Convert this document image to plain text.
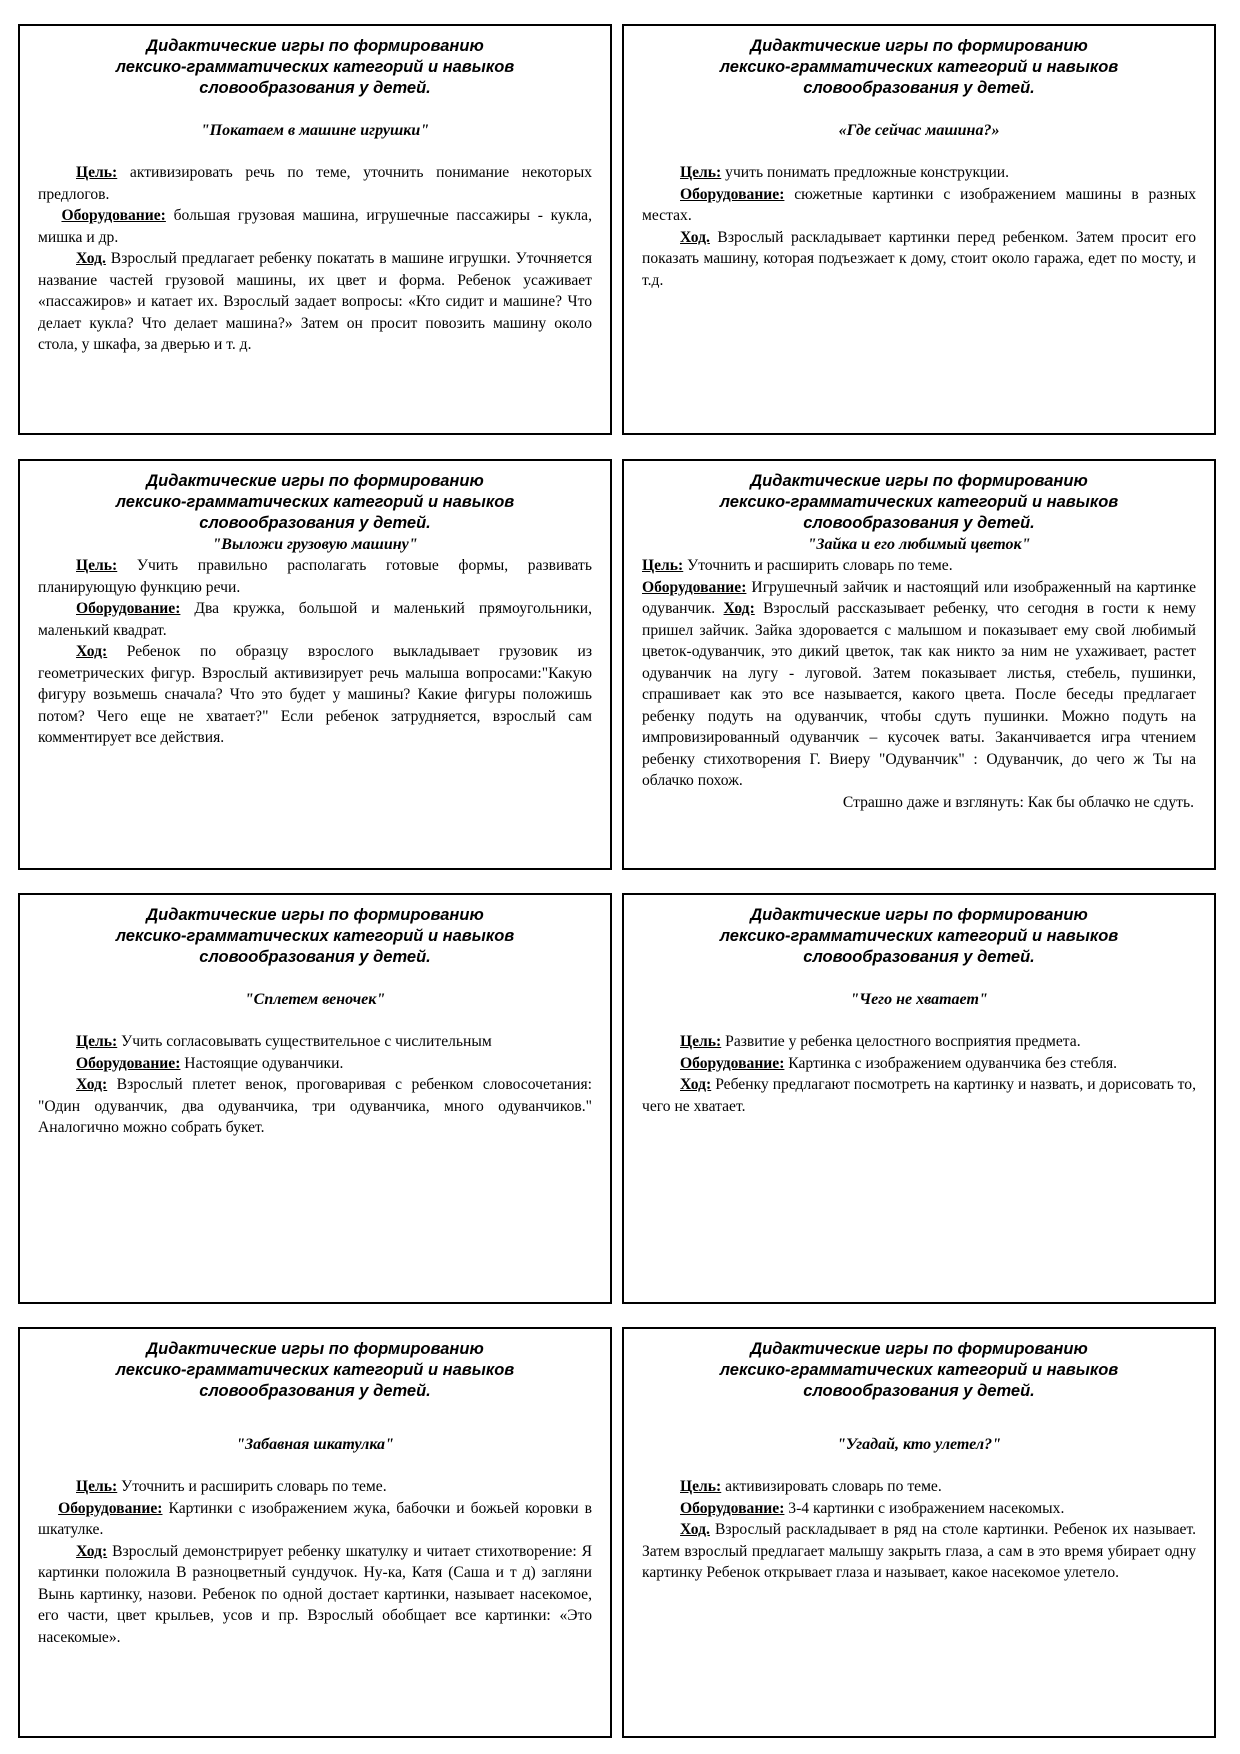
Дидактические игры по формированию
лексико-грамматических категорий и навыков
словообразования у детей.
"Покатаем в машине игрушки"

Цель: активизировать речь по теме, уточнить понимание некоторых предлогов.

Оборудование: большая грузовая машина, игрушечные пассажиры - кукла, мишка и др.

Ход. Взрослый предлагает ребенку покатать в машине игрушки. Уточняется название частей грузовой машины, их цвет и форма. Ребенок усаживает «пассажиров» и катает их. Взрослый задает вопросы: «Кто сидит и машине? Что делает кукла? Что делает машина?» Затем он просит повозить машину около стола, у шкафа, за дверью и т. д.

Дидактические игры по формированию
лексико-грамматических категорий и навыков
словообразования у детей.
«Где сейчас машина?»

Цель: учить понимать предложные конструкции.

Оборудование: сюжетные картинки с изображением машины в разных местах.

Ход. Взрослый раскладывает картинки перед ребенком. Затем просит его показать машину, которая подъезжает к дому, стоит около гаража, едет по мосту, и т.д.

Дидактические игры по формированию
лексико-грамматических категорий и навыков
словообразования у детей.
"Выложи грузовую машину"

Цель: Учить правильно располагать готовые формы, развивать планирующую функцию речи.

Оборудование: Два кружка, большой и маленький прямоугольники, маленький квадрат.

Ход: Ребенок по образцу взрослого выкладывает грузовик из геометрических фигур. Взрослый активизирует речь малыша вопросами:"Какую фигуру возьмешь сначала? Что это будет у машины? Какие фигуры положишь потом? Чего еще не хватает?" Если ребенок затрудняется, взрослый сам комментирует все действия.

Дидактические игры по формированию
лексико-грамматических категорий и навыков
словообразования у детей.
"Зайка и его любимый цветок"

Цель: Уточнить и расширить словарь по теме.

Оборудование: Игрушечный зайчик и настоящий или изображенный на картинке одуванчик. Ход: Взрослый рассказывает ребенку, что сегодня в гости к нему пришел зайчик. Зайка здоровается с малышом и показывает ему свой любимый цветок-одуванчик, это дикий цветок, так как никто за ним не ухаживает, растет одуванчик на лугу - луговой. Затем показывает листья, стебель, пушинки, спрашивает как это все называется, какого цвета. После беседы предлагает ребенку подуть на одуванчик, чтобы сдуть пушинки. Можно подуть на импровизированный одуванчик – кусочек ваты. Заканчивается игра чтением ребенку стихотворения Г. Виеру "Одуванчик" : Одуванчик, до чего ж Ты на облачко похож.
Страшно даже и взглянуть: Как бы облачко не сдуть.

Дидактические игры по формированию
лексико-грамматических категорий и навыков
словообразования у детей.
"Сплетем веночек"

Цель: Учить согласовывать существительное с числительным

Оборудование: Настоящие одуванчики.

Ход: Взрослый плетет венок, проговаривая с ребенком словосочетания: "Один одуванчик, два одуванчика, три одуванчика, много одуванчиков." Аналогично можно собрать букет.

Дидактические игры по формированию
лексико-грамматических категорий и навыков
словообразования у детей.
"Чего не хватает"

Цель: Развитие у ребенка целостного восприятия предмета.

Оборудование: Картинка с изображением одуванчика без стебля.

Ход: Ребенку предлагают посмотреть на картинку и назвать, и дорисовать то, чего не хватает.

Дидактические игры по формированию
лексико-грамматических категорий и навыков
словообразования у детей.
"Забавная шкатулка"

Цель: Уточнить и расширить словарь по теме.

Оборудование: Картинки с изображением жука, бабочки и божьей коровки в шкатулке.

Ход: Взрослый демонстрирует ребенку шкатулку и читает стихотворение: Я картинки положила В разноцветный сундучок. Ну-ка, Катя (Саша и т д) загляни Вынь картинку, назови. Ребенок по одной достает картинки, называет насекомое, его части, цвет крыльев, усов и пр. Взрослый обобщает все картинки: «Это насекомые».

Дидактические игры по формированию
лексико-грамматических категорий и навыков
словообразования у детей.
"Угадай, кто улетел?"

Цель: активизировать словарь по теме.

Оборудование: 3-4 картинки с изображением насекомых.

Ход. Взрослый раскладывает в ряд на столе картинки. Ребенок их называет. Затем взрослый предлагает малышу закрыть глаза, а сам в это время убирает одну картинку Ребенок открывает глаза и называет, какое насекомое улетело.
